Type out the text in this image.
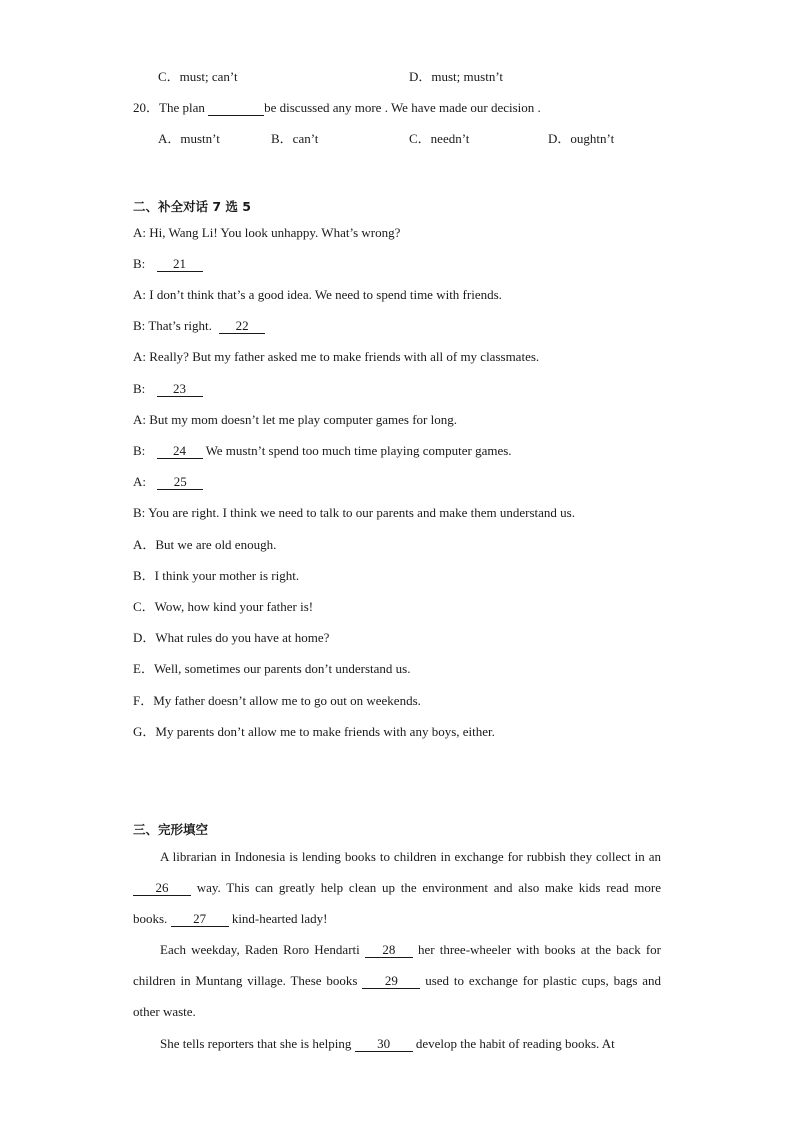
C．must; can’t	D．must; mustn’t
20．The plan	be discussed any more . We have made our decision .
A．mustn’t	B．can’t	C．needn’t	D．oughtn’t
二、补全对话 7 选 5
A: Hi, Wang Li! You look unhappy. What’s wrong?
B: 21
A: I don’t think that’s a good idea. We need to spend time with friends.
B: That’s right. 22
A: Really? But my father asked me to make friends with all of my classmates.
B: 23
A: But my mom doesn’t let me play computer games for long.
B: 24 We mustn’t spend too much time playing computer games.
A: 25
B: You are right. I think we need to talk to our parents and make them understand us.
A．But we are old enough.
B．I think your mother is right.
C．Wow, how kind your father is!
D．What rules do you have at home?
E．Well, sometimes our parents don’t understand us.
F．My father doesn’t allow me to go out on weekends.
G．My parents don’t allow me to make friends with any boys, either.
三、完形填空
A librarian in Indonesia is lending books to children in exchange for rubbish they collect in an 26 way. This can greatly help clean up the environment and also make kids read more books. 27 kind-hearted lady!
Each weekday, Raden Roro Hendarti 28 her three-wheeler with books at the back for children in Muntang village. These books 29 used to exchange for plastic cups, bags and other waste.
She tells reporters that she is helping 30 develop the habit of reading books. At
